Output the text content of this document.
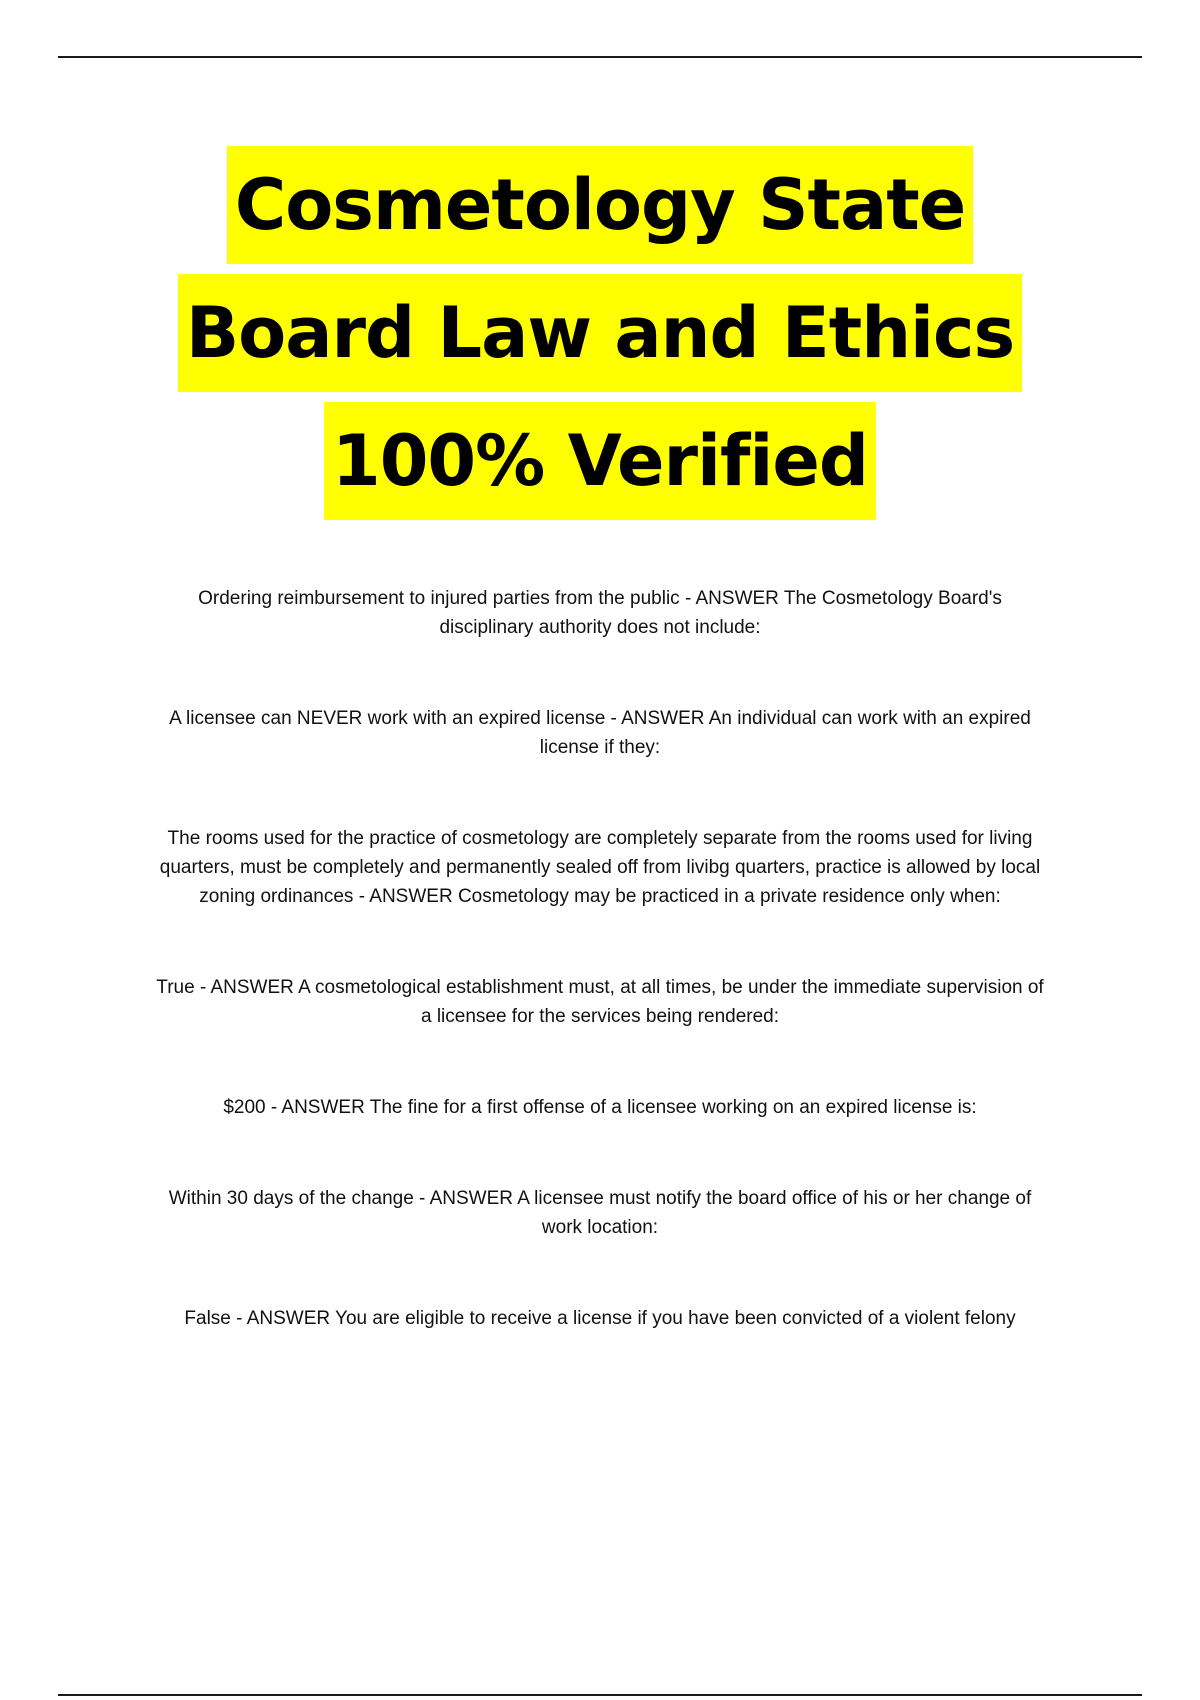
Cosmetology State
Board Law and Ethics
100% Verified
Ordering reimbursement to injured parties from the public - ANSWER The Cosmetology Board's disciplinary authority does not include:
A licensee can NEVER work with an expired license - ANSWER An individual can work with an expired license if they:
The rooms used for the practice of cosmetology are completely separate from the rooms used for living quarters, must be completely and permanently sealed off from livibg quarters, practice is allowed by local zoning ordinances - ANSWER Cosmetology may be practiced in a private residence only when:
True - ANSWER A cosmetological establishment must, at all times, be under the immediate supervision of a licensee for the services being rendered:
$200 - ANSWER The fine for a first offense of a licensee working on an expired license is:
Within 30 days of the change - ANSWER A licensee must notify the board office of his or her change of work location:
False - ANSWER You are eligible to receive a license if you have been convicted of a violent felony
